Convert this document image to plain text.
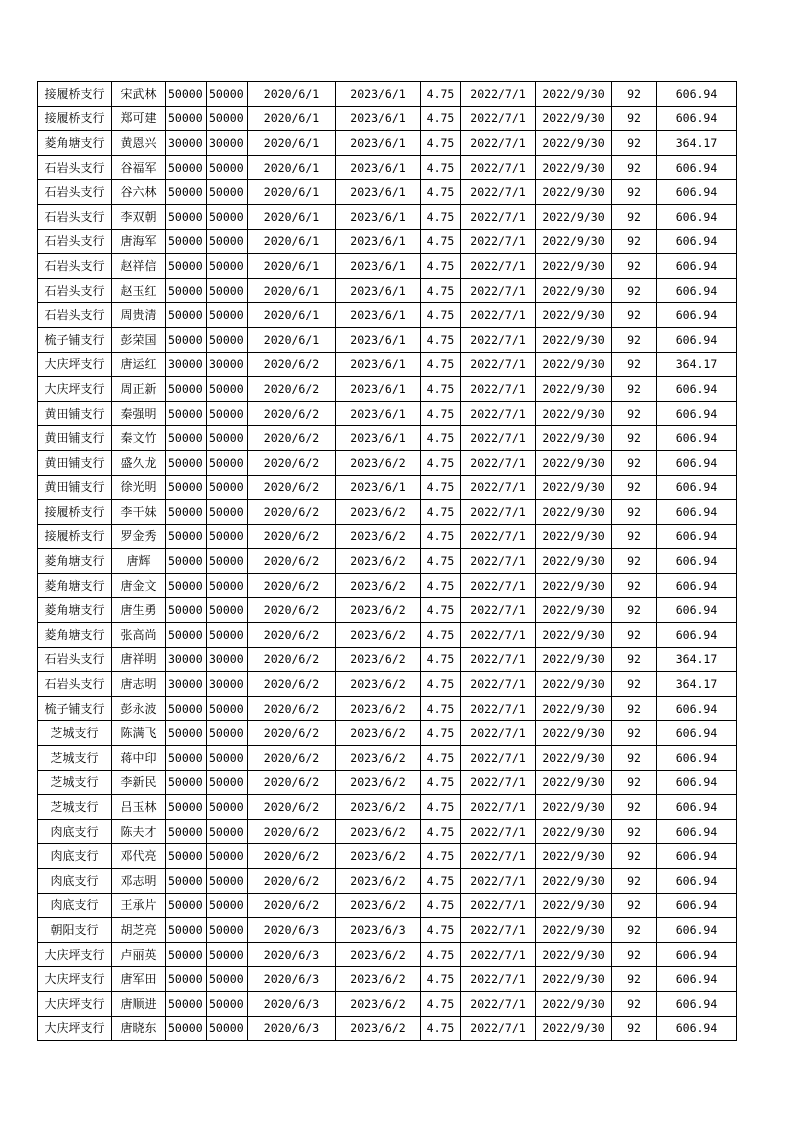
接履桥支行	宋武林	50000	50000	2020/6/1	2023/6/1	4.75	2022/7/1	2022/9/30	92	606.94
接履桥支行	郑可建	50000	50000	2020/6/1	2023/6/1	4.75	2022/7/1	2022/9/30	92	606.94
菱角塘支行	黄恩兴	30000	30000	2020/6/1	2023/6/1	4.75	2022/7/1	2022/9/30	92	364.17
石岩头支行	谷福军	50000	50000	2020/6/1	2023/6/1	4.75	2022/7/1	2022/9/30	92	606.94
石岩头支行	谷六林	50000	50000	2020/6/1	2023/6/1	4.75	2022/7/1	2022/9/30	92	606.94
石岩头支行	李双朝	50000	50000	2020/6/1	2023/6/1	4.75	2022/7/1	2022/9/30	92	606.94
石岩头支行	唐海军	50000	50000	2020/6/1	2023/6/1	4.75	2022/7/1	2022/9/30	92	606.94
石岩头支行	赵祥信	50000	50000	2020/6/1	2023/6/1	4.75	2022/7/1	2022/9/30	92	606.94
石岩头支行	赵玉红	50000	50000	2020/6/1	2023/6/1	4.75	2022/7/1	2022/9/30	92	606.94
石岩头支行	周贵清	50000	50000	2020/6/1	2023/6/1	4.75	2022/7/1	2022/9/30	92	606.94
梳子铺支行	彭荣国	50000	50000	2020/6/1	2023/6/1	4.75	2022/7/1	2022/9/30	92	606.94
大庆坪支行	唐运红	30000	30000	2020/6/2	2023/6/1	4.75	2022/7/1	2022/9/30	92	364.17
大庆坪支行	周正新	50000	50000	2020/6/2	2023/6/1	4.75	2022/7/1	2022/9/30	92	606.94
黄田铺支行	秦强明	50000	50000	2020/6/2	2023/6/1	4.75	2022/7/1	2022/9/30	92	606.94
黄田铺支行	秦文竹	50000	50000	2020/6/2	2023/6/1	4.75	2022/7/1	2022/9/30	92	606.94
黄田铺支行	盛久龙	50000	50000	2020/6/2	2023/6/2	4.75	2022/7/1	2022/9/30	92	606.94
黄田铺支行	徐光明	50000	50000	2020/6/2	2023/6/1	4.75	2022/7/1	2022/9/30	92	606.94
接履桥支行	李干妹	50000	50000	2020/6/2	2023/6/2	4.75	2022/7/1	2022/9/30	92	606.94
接履桥支行	罗金秀	50000	50000	2020/6/2	2023/6/2	4.75	2022/7/1	2022/9/30	92	606.94
菱角塘支行	唐辉	50000	50000	2020/6/2	2023/6/2	4.75	2022/7/1	2022/9/30	92	606.94
菱角塘支行	唐金文	50000	50000	2020/6/2	2023/6/2	4.75	2022/7/1	2022/9/30	92	606.94
菱角塘支行	唐生勇	50000	50000	2020/6/2	2023/6/2	4.75	2022/7/1	2022/9/30	92	606.94
菱角塘支行	张高尚	50000	50000	2020/6/2	2023/6/2	4.75	2022/7/1	2022/9/30	92	606.94
石岩头支行	唐祥明	30000	30000	2020/6/2	2023/6/2	4.75	2022/7/1	2022/9/30	92	364.17
石岩头支行	唐志明	30000	30000	2020/6/2	2023/6/2	4.75	2022/7/1	2022/9/30	92	364.17
梳子铺支行	彭永波	50000	50000	2020/6/2	2023/6/2	4.75	2022/7/1	2022/9/30	92	606.94
芝城支行	陈满飞	50000	50000	2020/6/2	2023/6/2	4.75	2022/7/1	2022/9/30	92	606.94
芝城支行	蒋中印	50000	50000	2020/6/2	2023/6/2	4.75	2022/7/1	2022/9/30	92	606.94
芝城支行	李新民	50000	50000	2020/6/2	2023/6/2	4.75	2022/7/1	2022/9/30	92	606.94
芝城支行	吕玉林	50000	50000	2020/6/2	2023/6/2	4.75	2022/7/1	2022/9/30	92	606.94
肉底支行	陈夫才	50000	50000	2020/6/2	2023/6/2	4.75	2022/7/1	2022/9/30	92	606.94
肉底支行	邓代亮	50000	50000	2020/6/2	2023/6/2	4.75	2022/7/1	2022/9/30	92	606.94
肉底支行	邓志明	50000	50000	2020/6/2	2023/6/2	4.75	2022/7/1	2022/9/30	92	606.94
肉底支行	王承片	50000	50000	2020/6/2	2023/6/2	4.75	2022/7/1	2022/9/30	92	606.94
朝阳支行	胡芝亮	50000	50000	2020/6/3	2023/6/3	4.75	2022/7/1	2022/9/30	92	606.94
大庆坪支行	卢丽英	50000	50000	2020/6/3	2023/6/2	4.75	2022/7/1	2022/9/30	92	606.94
大庆坪支行	唐军田	50000	50000	2020/6/3	2023/6/2	4.75	2022/7/1	2022/9/30	92	606.94
大庆坪支行	唐顺进	50000	50000	2020/6/3	2023/6/2	4.75	2022/7/1	2022/9/30	92	606.94
大庆坪支行	唐晓东	50000	50000	2020/6/3	2023/6/2	4.75	2022/7/1	2022/9/30	92	606.94
